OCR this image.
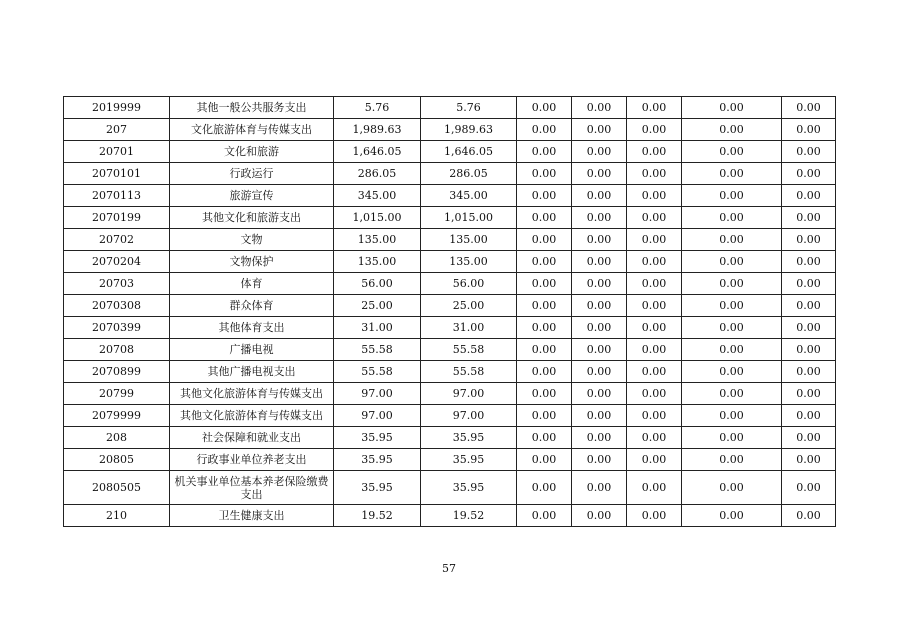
2019999	其他一般公共服务支出	5.76	5.76	0.00	0.00	0.00	0.00	0.00
207	文化旅游体育与传媒支出	1,989.63	1,989.63	0.00	0.00	0.00	0.00	0.00
20701	文化和旅游	1,646.05	1,646.05	0.00	0.00	0.00	0.00	0.00
2070101	行政运行	286.05	286.05	0.00	0.00	0.00	0.00	0.00
2070113	旅游宣传	345.00	345.00	0.00	0.00	0.00	0.00	0.00
2070199	其他文化和旅游支出	1,015.00	1,015.00	0.00	0.00	0.00	0.00	0.00
20702	文物	135.00	135.00	0.00	0.00	0.00	0.00	0.00
2070204	文物保护	135.00	135.00	0.00	0.00	0.00	0.00	0.00
20703	体育	56.00	56.00	0.00	0.00	0.00	0.00	0.00
2070308	群众体育	25.00	25.00	0.00	0.00	0.00	0.00	0.00
2070399	其他体育支出	31.00	31.00	0.00	0.00	0.00	0.00	0.00
20708	广播电视	55.58	55.58	0.00	0.00	0.00	0.00	0.00
2070899	其他广播电视支出	55.58	55.58	0.00	0.00	0.00	0.00	0.00
20799	其他文化旅游体育与传媒支出	97.00	97.00	0.00	0.00	0.00	0.00	0.00
2079999	其他文化旅游体育与传媒支出	97.00	97.00	0.00	0.00	0.00	0.00	0.00
208	社会保障和就业支出	35.95	35.95	0.00	0.00	0.00	0.00	0.00
20805	行政事业单位养老支出	35.95	35.95	0.00	0.00	0.00	0.00	0.00
2080505	机关事业单位基本养老保险缴费支出	35.95	35.95	0.00	0.00	0.00	0.00	0.00
210	卫生健康支出	19.52	19.52	0.00	0.00	0.00	0.00	0.00
57
